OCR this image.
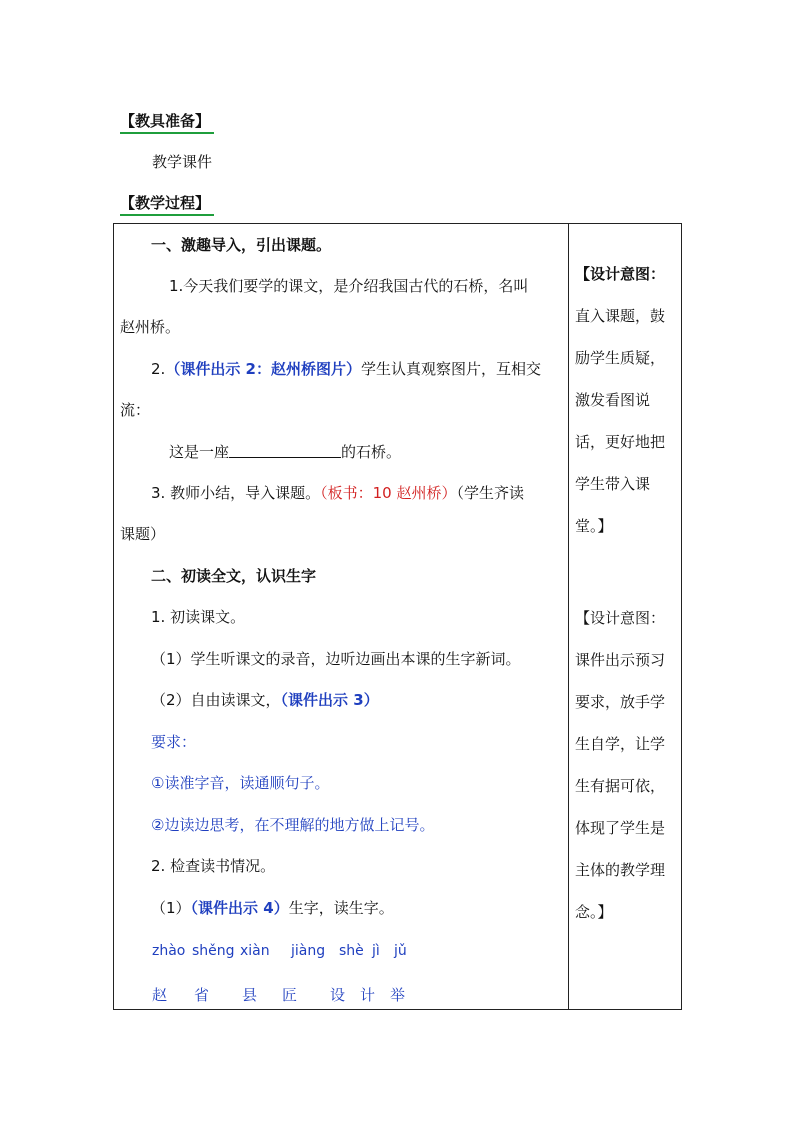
【教具准备】
教学课件
【教学过程】
一、激趣导入，引出课题。
1.今天我们要学的课文，是介绍我国古代的石桥，名叫
赵州桥。
2.（课件出示 2：赵州桥图片）学生认真观察图片，互相交
流：
这是一座	的石桥。
3. 教师小结，导入课题。（板书：10 赵州桥）（学生齐读
课题）
二、初读全文，认识生字
1. 初读课文。
（1）学生听课文的录音，边听边画出本课的生字新词。
（2）自由读课文，（课件出示 3）
要求：
①读准字音，读通顺句子。
②边读边思考，在不理解的地方做上记号。
2. 检查读书情况。
（1）（课件出示 4）生字，读生字。
zhào shěng xiàn jiàng shè jì jǔ
赵 省 县 匠 设 计 举
【设计意图：
直入课题，鼓
励学生质疑，
激发看图说
话，更好地把
学生带入课
堂。】
【设计意图：
课件出示预习
要求，放手学
生自学，让学
生有据可依，
体现了学生是
主体的教学理
念。】
